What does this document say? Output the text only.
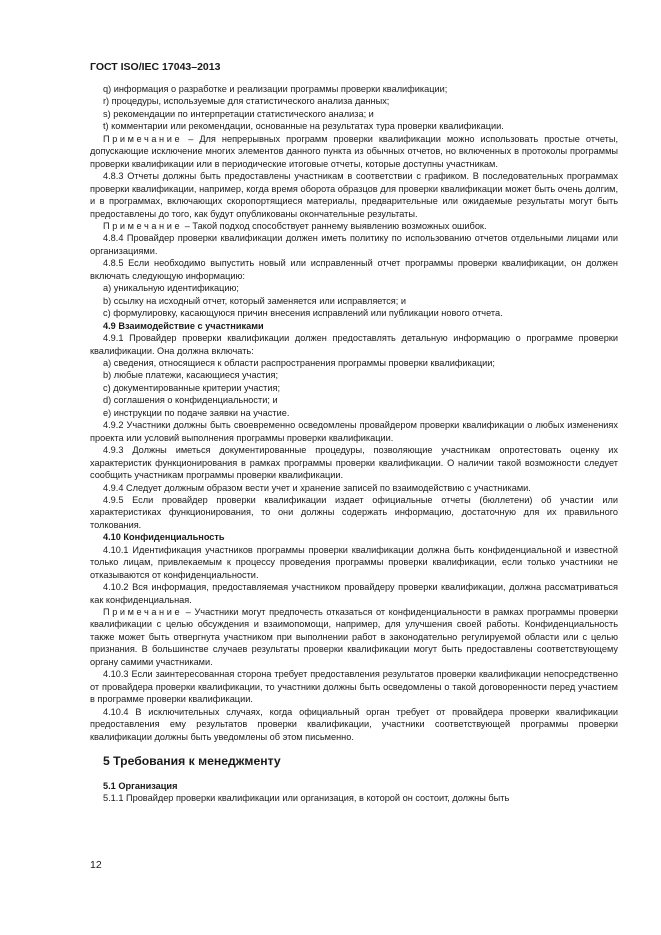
ГОСТ ISO/IEC 17043–2013

q) информация о разработке и реализации программы проверки квалификации;

r) процедуры, используемые для статистического анализа данных;

s) рекомендации по интерпретации статистического анализа; и

t) комментарии или рекомендации, основанные на результатах тура проверки квалификации.

Примечание – Для непрерывных программ проверки квалификации можно использовать простые отчеты, допускающие исключение многих элементов данного пункта из обычных отчетов, но включенных в протоколы программы проверки квалификации или в периодические итоговые отчеты, которые доступны участникам.

4.8.3 Отчеты должны быть предоставлены участникам в соответствии с графиком. В последовательных программах проверки квалификации, например, когда время оборота образцов для проверки квалификации может быть очень долгим, и в программах, включающих скоропортящиеся материалы, предварительные или ожидаемые результаты могут быть предоставлены до того, как будут опубликованы окончательные результаты.

Примечание – Такой подход способствует раннему выявлению возможных ошибок.

4.8.4 Провайдер проверки квалификации должен иметь политику по использованию отчетов отдельными лицами или организациями.

4.8.5 Если необходимо выпустить новый или исправленный отчет программы проверки квалификации, он должен включать следующую информацию:

a) уникальную идентификацию;

b) ссылку на исходный отчет, который заменяется или исправляется; и

c) формулировку, касающуюся причин внесения исправлений или публикации нового отчета.

4.9 Взаимодействие с участниками

4.9.1 Провайдер проверки квалификации должен предоставлять детальную информацию о программе проверки квалификации. Она должна включать:

a) сведения, относящиеся к области распространения программы проверки квалификации;

b) любые платежи, касающиеся участия;

c) документированные критерии участия;

d) соглашения о конфиденциальности; и

e) инструкции по подаче заявки на участие.

4.9.2 Участники должны быть своевременно осведомлены провайдером проверки квалификации о любых изменениях проекта или условий выполнения программы проверки квалификации.

4.9.3 Должны иметься документированные процедуры, позволяющие участникам опротестовать оценку их характеристик функционирования в рамках программы проверки квалификации. О наличии такой возможности следует сообщить участникам программы проверки квалификации.

4.9.4 Следует должным образом вести учет и хранение записей по взаимодействию с участниками.

4.9.5 Если провайдер проверки квалификации издает официальные отчеты (бюллетени) об участии или характеристиках функционирования, то они должны содержать информацию, достаточную для их правильного толкования.

4.10 Конфиденциальность

4.10.1 Идентификация участников программы проверки квалификации должна быть конфиденциальной и известной только лицам, привлекаемым к процессу проведения программы проверки квалификации, если только участники не отказываются от конфиденциальности.

4.10.2 Вся информация, предоставляемая участником провайдеру проверки квалификации, должна рассматриваться как конфиденциальная.

Примечание – Участники могут предпочесть отказаться от конфиденциальности в рамках программы проверки квалификации с целью обсуждения и взаимопомощи, например, для улучшения своей работы. Конфиденциальность также может быть отвергнута участником при выполнении работ в законодательно регулируемой области или с целью признания. В большинстве случаев результаты проверки квалификации могут быть предоставлены соответствующему органу самими участниками.

4.10.3 Если заинтересованная сторона требует предоставления результатов проверки квалификации непосредственно от провайдера проверки квалификации, то участники должны быть осведомлены о такой договоренности перед участием в программе проверки квалификации.

4.10.4 В исключительных случаях, когда официальный орган требует от провайдера проверки квалификации предоставления ему результатов проверки квалификации, участники соответствующей программы проверки квалификации должны быть уведомлены об этом письменно.

5 Требования к менеджменту

5.1 Организация

5.1.1 Провайдер проверки квалификации или организация, в которой он состоит, должны быть

12
